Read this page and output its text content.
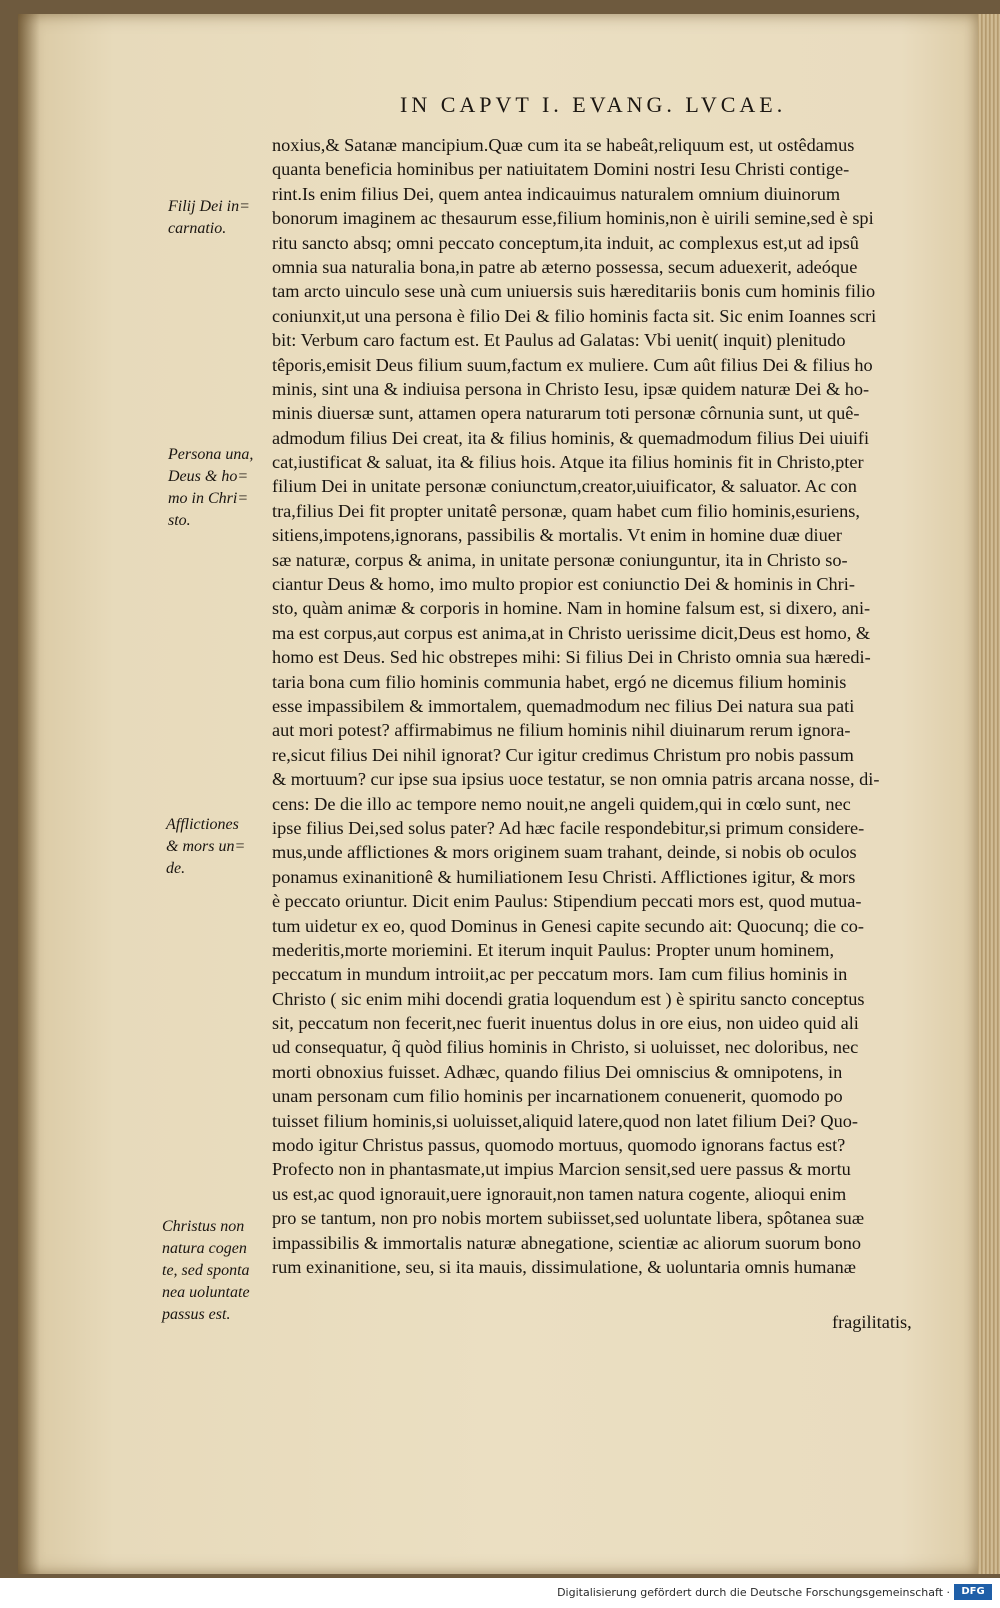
IN CAPVT I. EVANG. LVCAE.
noxius,& Satanæ mancipium.Quæ cum ita se habeât,reliquum est, ut ostêdamus
quanta beneficia hominibus per natiuitatem Domini nostri Iesu Christi contige-
rint.Is enim filius Dei, quem antea indicauimus naturalem omnium diuinorum
bonorum imaginem ac thesaurum esse,filium hominis,non è uirili semine,sed è spi
ritu sancto absq; omni peccato conceptum,ita induit, ac complexus est,ut ad ipsû
omnia sua naturalia bona,in patre ab æterno possessa, secum aduexerit, adeóque
tam arcto uinculo sese unà cum uniuersis suis hæreditariis bonis cum hominis filio
coniunxit,ut una persona è filio Dei & filio hominis facta sit. Sic enim Ioannes scri
bit: Verbum caro factum est. Et Paulus ad Galatas: Vbi uenit( inquit) plenitudo
têporis,emisit Deus filium suum,factum ex muliere. Cum aût filius Dei & filius ho
minis, sint una & indiuisa persona in Christo Iesu, ipsæ quidem naturæ Dei & ho-
minis diuersæ sunt, attamen opera naturarum toti personæ côrnunia sunt, ut quê-
admodum filius Dei creat, ita & filius hominis, & quemadmodum filius Dei uiuifi
cat,iustificat & saluat, ita & filius hois. Atque ita filius hominis fit in Christo,pter
filium Dei in unitate personæ coniunctum,creator,uiuificator, & saluator. Ac con
tra,filius Dei fit propter unitatê personæ, quam habet cum filio hominis,esuriens,
sitiens,impotens,ignorans, passibilis & mortalis. Vt enim in homine duæ diuer
sæ naturæ, corpus & anima, in unitate personæ coniunguntur, ita in Christo so-
ciantur Deus & homo, imo multo propior est coniunctio Dei & hominis in Chri-
sto, quàm animæ & corporis in homine. Nam in homine falsum est, si dixero, ani-
ma est corpus,aut corpus est anima,at in Christo uerissime dicit,Deus est homo, &
homo est Deus. Sed hic obstrepes mihi: Si filius Dei in Christo omnia sua hæredi-
taria bona cum filio hominis communia habet, ergó ne dicemus filium hominis
esse impassibilem & immortalem, quemadmodum nec filius Dei natura sua pati
aut mori potest? affirmabimus ne filium hominis nihil diuinarum rerum ignora-
re,sicut filius Dei nihil ignorat? Cur igitur credimus Christum pro nobis passum
& mortuum? cur ipse sua ipsius uoce testatur, se non omnia patris arcana nosse, di-
cens: De die illo ac tempore nemo nouit,ne angeli quidem,qui in cœlo sunt, nec
ipse filius Dei,sed solus pater? Ad hæc facile respondebitur,si primum considere-
mus,unde afflictiones & mors originem suam trahant, deinde, si nobis ob oculos
ponamus exinanitionê & humiliationem Iesu Christi. Afflictiones igitur, & mors
è peccato oriuntur. Dicit enim Paulus: Stipendium peccati mors est, quod mutua-
tum uidetur ex eo, quod Dominus in Genesi capite secundo ait: Quocunq; die co-
mederitis,morte moriemini. Et iterum inquit Paulus: Propter unum hominem,
peccatum in mundum introiit,ac per peccatum mors. Iam cum filius hominis in
Christo ( sic enim mihi docendi gratia loquendum est ) è spiritu sancto conceptus
sit, peccatum non fecerit,nec fuerit inuentus dolus in ore eius, non uideo quid ali
ud consequatur, q̃ quòd filius hominis in Christo, si uoluisset, nec doloribus, nec
morti obnoxius fuisset. Adhæc, quando filius Dei omniscius & omnipotens, in
unam personam cum filio hominis per incarnationem conuenerit, quomodo po
tuisset filium hominis,si uoluisset,aliquid latere,quod non latet filium Dei? Quo-
modo igitur Christus passus, quomodo mortuus, quomodo ignorans factus est?
Profecto non in phantasmate,ut impius Marcion sensit,sed uere passus & mortu
us est,ac quod ignorauit,uere ignorauit,non tamen natura cogente, alioqui enim
pro se tantum, non pro nobis mortem subiisset,sed uoluntate libera, spôtanea suæ
impassibilis & immortalis naturæ abnegatione, scientiæ ac aliorum suorum bono
rum exinanitione, seu, si ita mauis, dissimulatione, & uoluntaria omnis humanæ
Filij Dei in=
carnatio.
Persona una,
Deus & ho=
mo in Chri=
sto.
Afflictiones
& mors un=
de.
Christus non
natura cogen
te, sed sponta
nea uoluntate
passus est.	fragilitatis,
Digitalisierung gefördert durch die Deutsche Forschungsgemeinschaft ·	DFG
